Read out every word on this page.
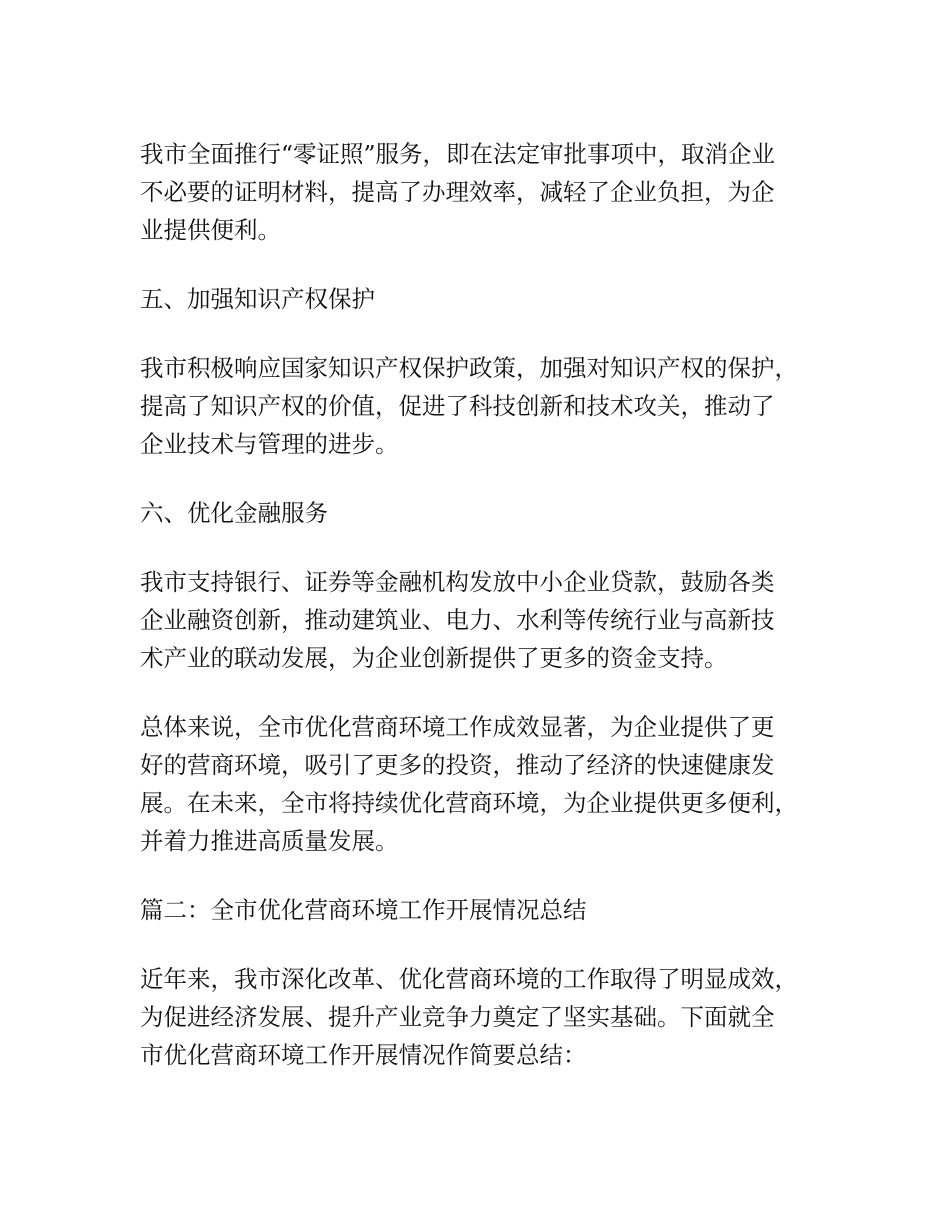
我市全面推行“零证照”服务，即在法定审批事项中，取消企业
不必要的证明材料，提高了办理效率，减轻了企业负担，为企
业提供便利。

五、加强知识产权保护

我市积极响应国家知识产权保护政策，加强对知识产权的保护，
提高了知识产权的价值，促进了科技创新和技术攻关，推动了
企业技术与管理的进步。

六、优化金融服务

我市支持银行、证券等金融机构发放中小企业贷款，鼓励各类
企业融资创新，推动建筑业、电力、水利等传统行业与高新技
术产业的联动发展，为企业创新提供了更多的资金支持。

总体来说，全市优化营商环境工作成效显著，为企业提供了更
好的营商环境，吸引了更多的投资，推动了经济的快速健康发
展。在未来，全市将持续优化营商环境，为企业提供更多便利，
并着力推进高质量发展。

篇二：全市优化营商环境工作开展情况总结

近年来，我市深化改革、优化营商环境的工作取得了明显成效，
为促进经济发展、提升产业竞争力奠定了坚实基础。下面就全
市优化营商环境工作开展情况作简要总结：
